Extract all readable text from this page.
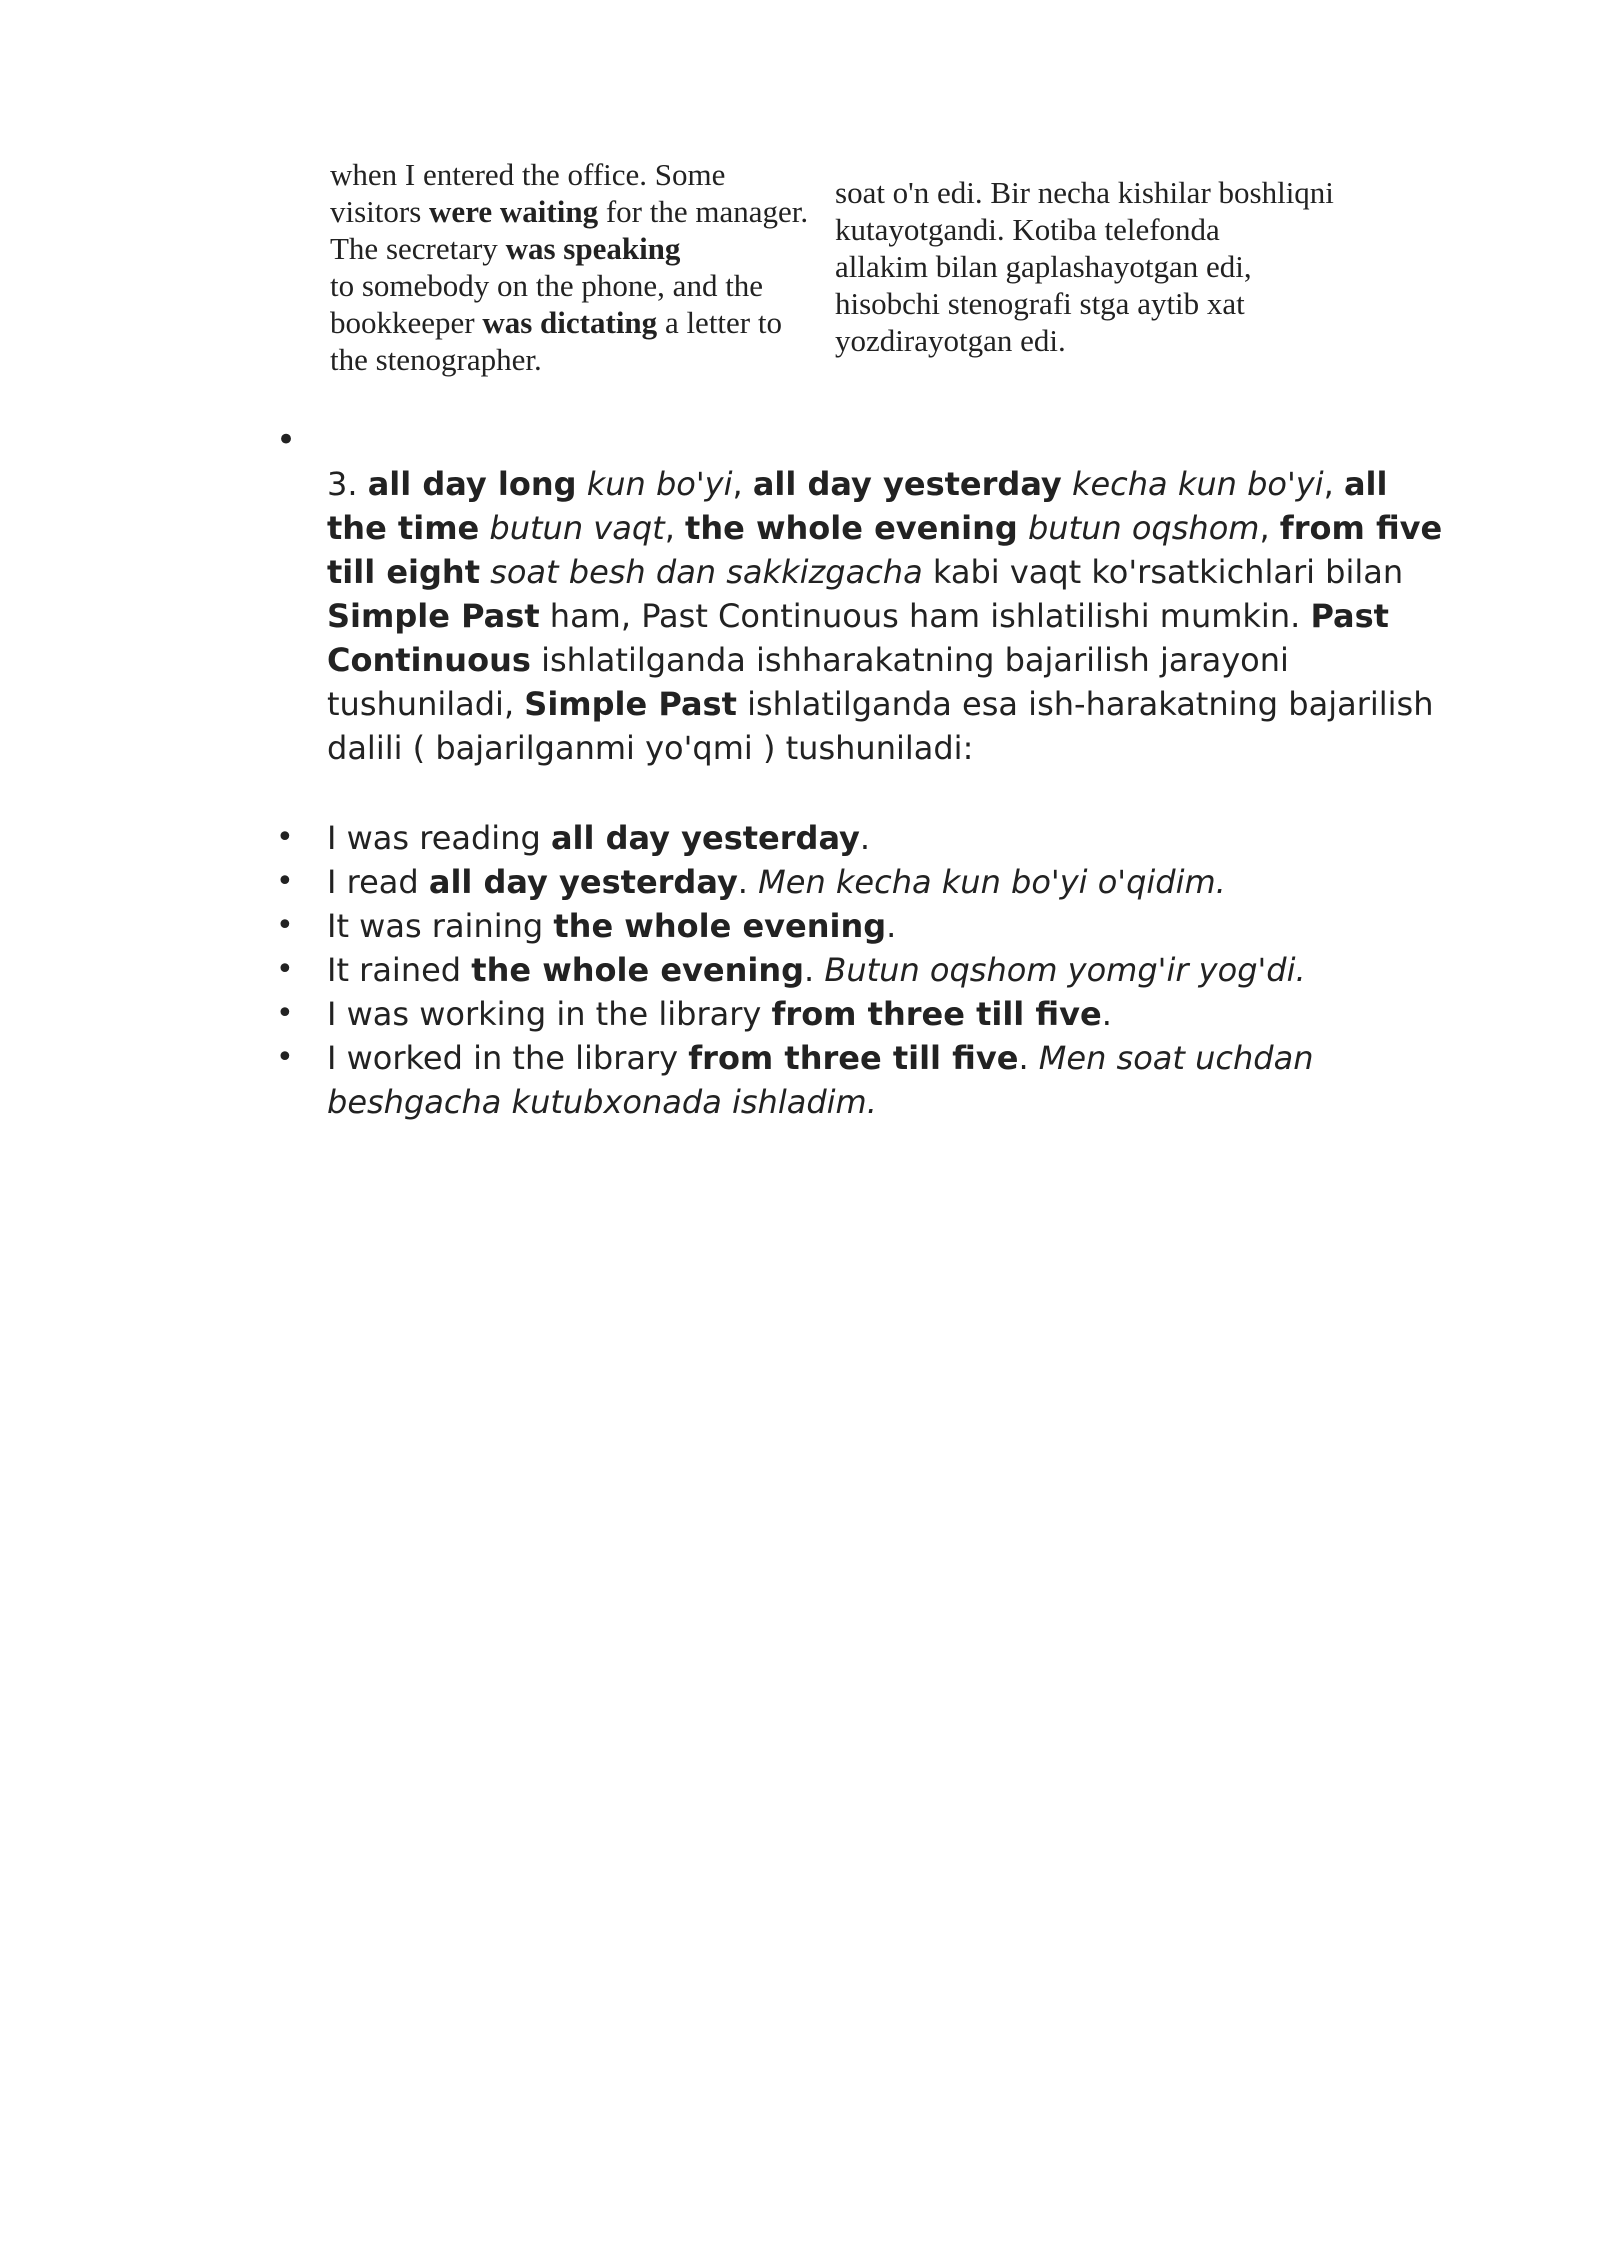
when I entered the office. Some
visitors were waiting for the manager.
The secretary was speaking
to somebody on the phone, and the
bookkeeper was dictating a letter to
the stenographer.
soat o'n edi. Bir necha kishilar boshliqni
kutayotgandi. Kotiba telefonda
allakim bilan gaplashayotgan edi,
hisobchi stenografi stga aytib xat
yozdirayotgan edi.
•
3. all day long kun bo'yi, all day yesterday kecha kun bo'yi, all the time butun vaqt, the whole evening butun oqshom, from five till eight soat besh dan sakkizgacha kabi vaqt ko'rsatkichlari bilan Simple Past ham, Past Continuous ham ishlatilishi mumkin. Past Continuous ishlatilganda ishharakatning bajarilish jarayoni tushuniladi, Simple Past ishlatilganda esa ish-harakatning bajarilish dalili ( bajarilganmi yo'qmi ) tushuniladi:
•	I was reading all day yesterday.
•	I read all day yesterday. Men kecha kun bo'yi o'qidim.
•	It was raining the whole evening.
•	It rained the whole evening. Butun oqshom yomg'ir yog'di.
•	I was working in the library from three till five.
•	I worked in the library from three till five. Men soat uchdan beshgacha kutubxonada ishladim.
